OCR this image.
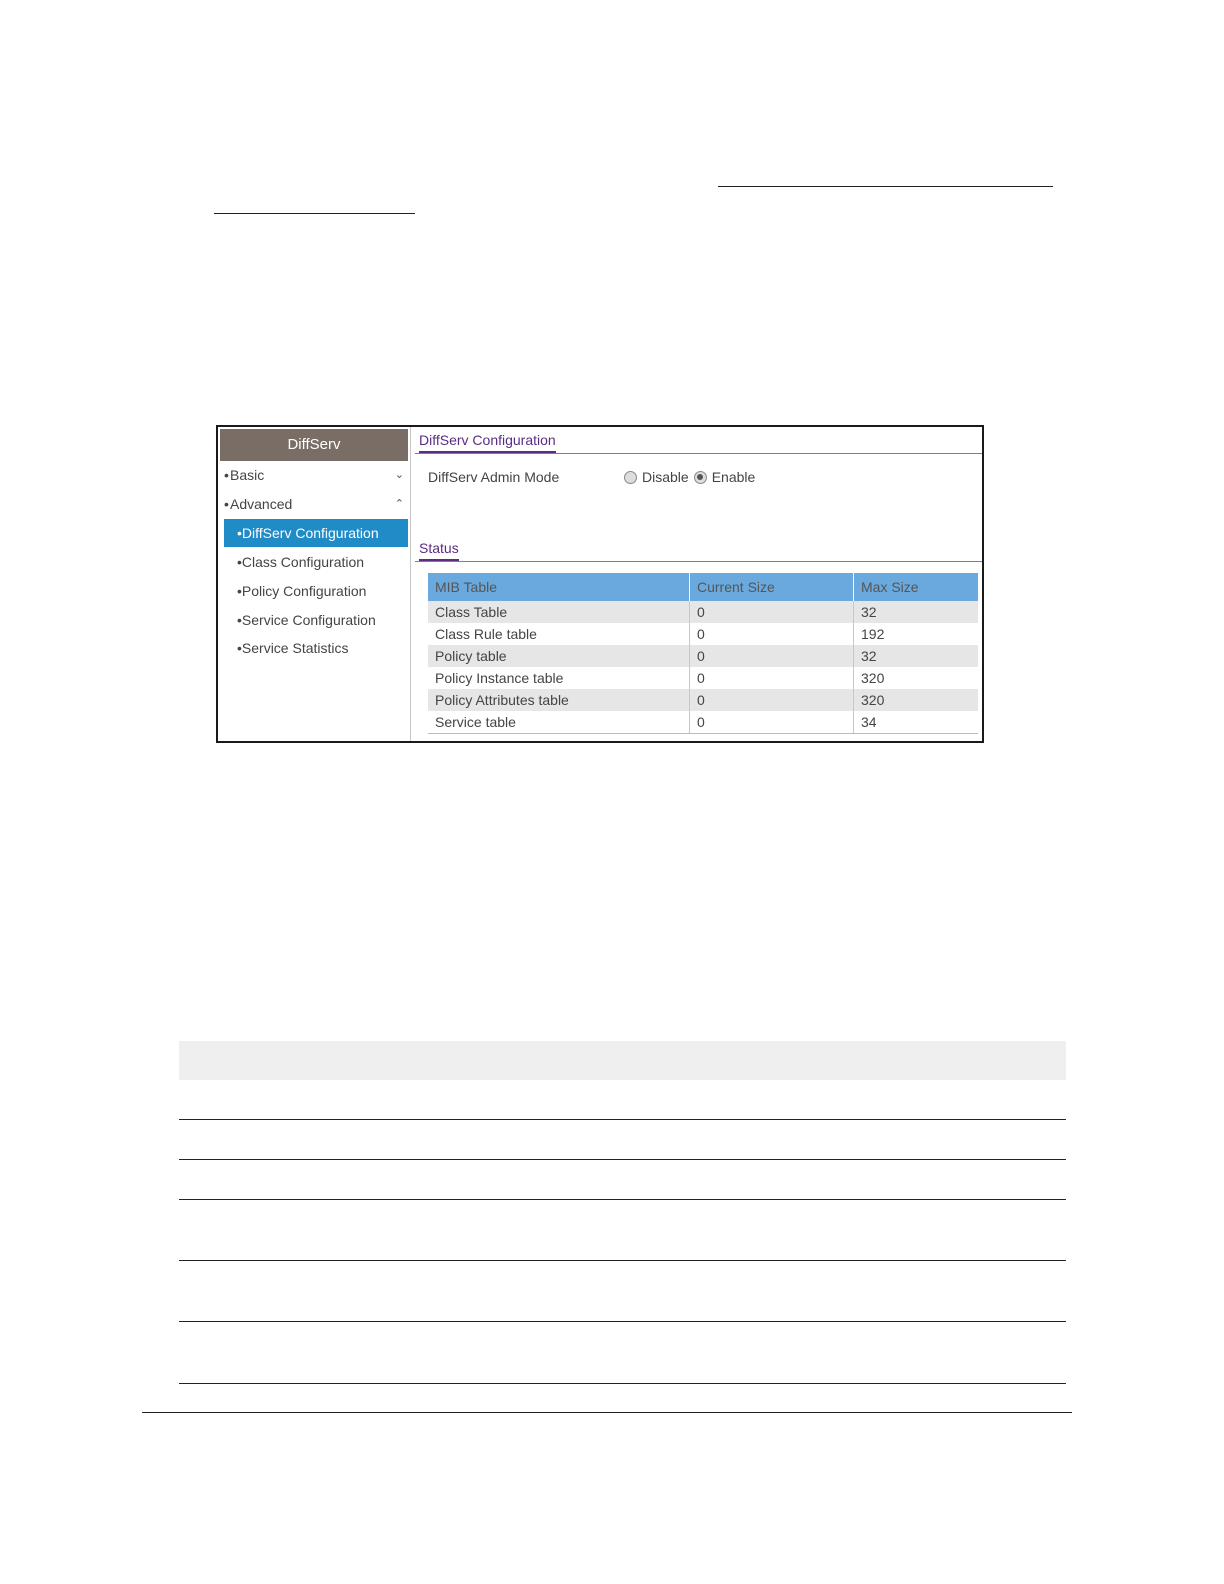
DiffServ
•Basic	⌄
•Advanced	⌃
•DiffServ Configuration
•Class Configuration
•Policy Configuration
•Service Configuration
•Service Statistics
DiffServ Configuration
DiffServ Admin Mode	Disable Enable
Status
MIB Table	Current Size	Max Size
Class Table	0	32
Class Rule table	0	192
Policy table	0	32
Policy Instance table	0	320
Policy Attributes table	0	320
Service table	0	34
